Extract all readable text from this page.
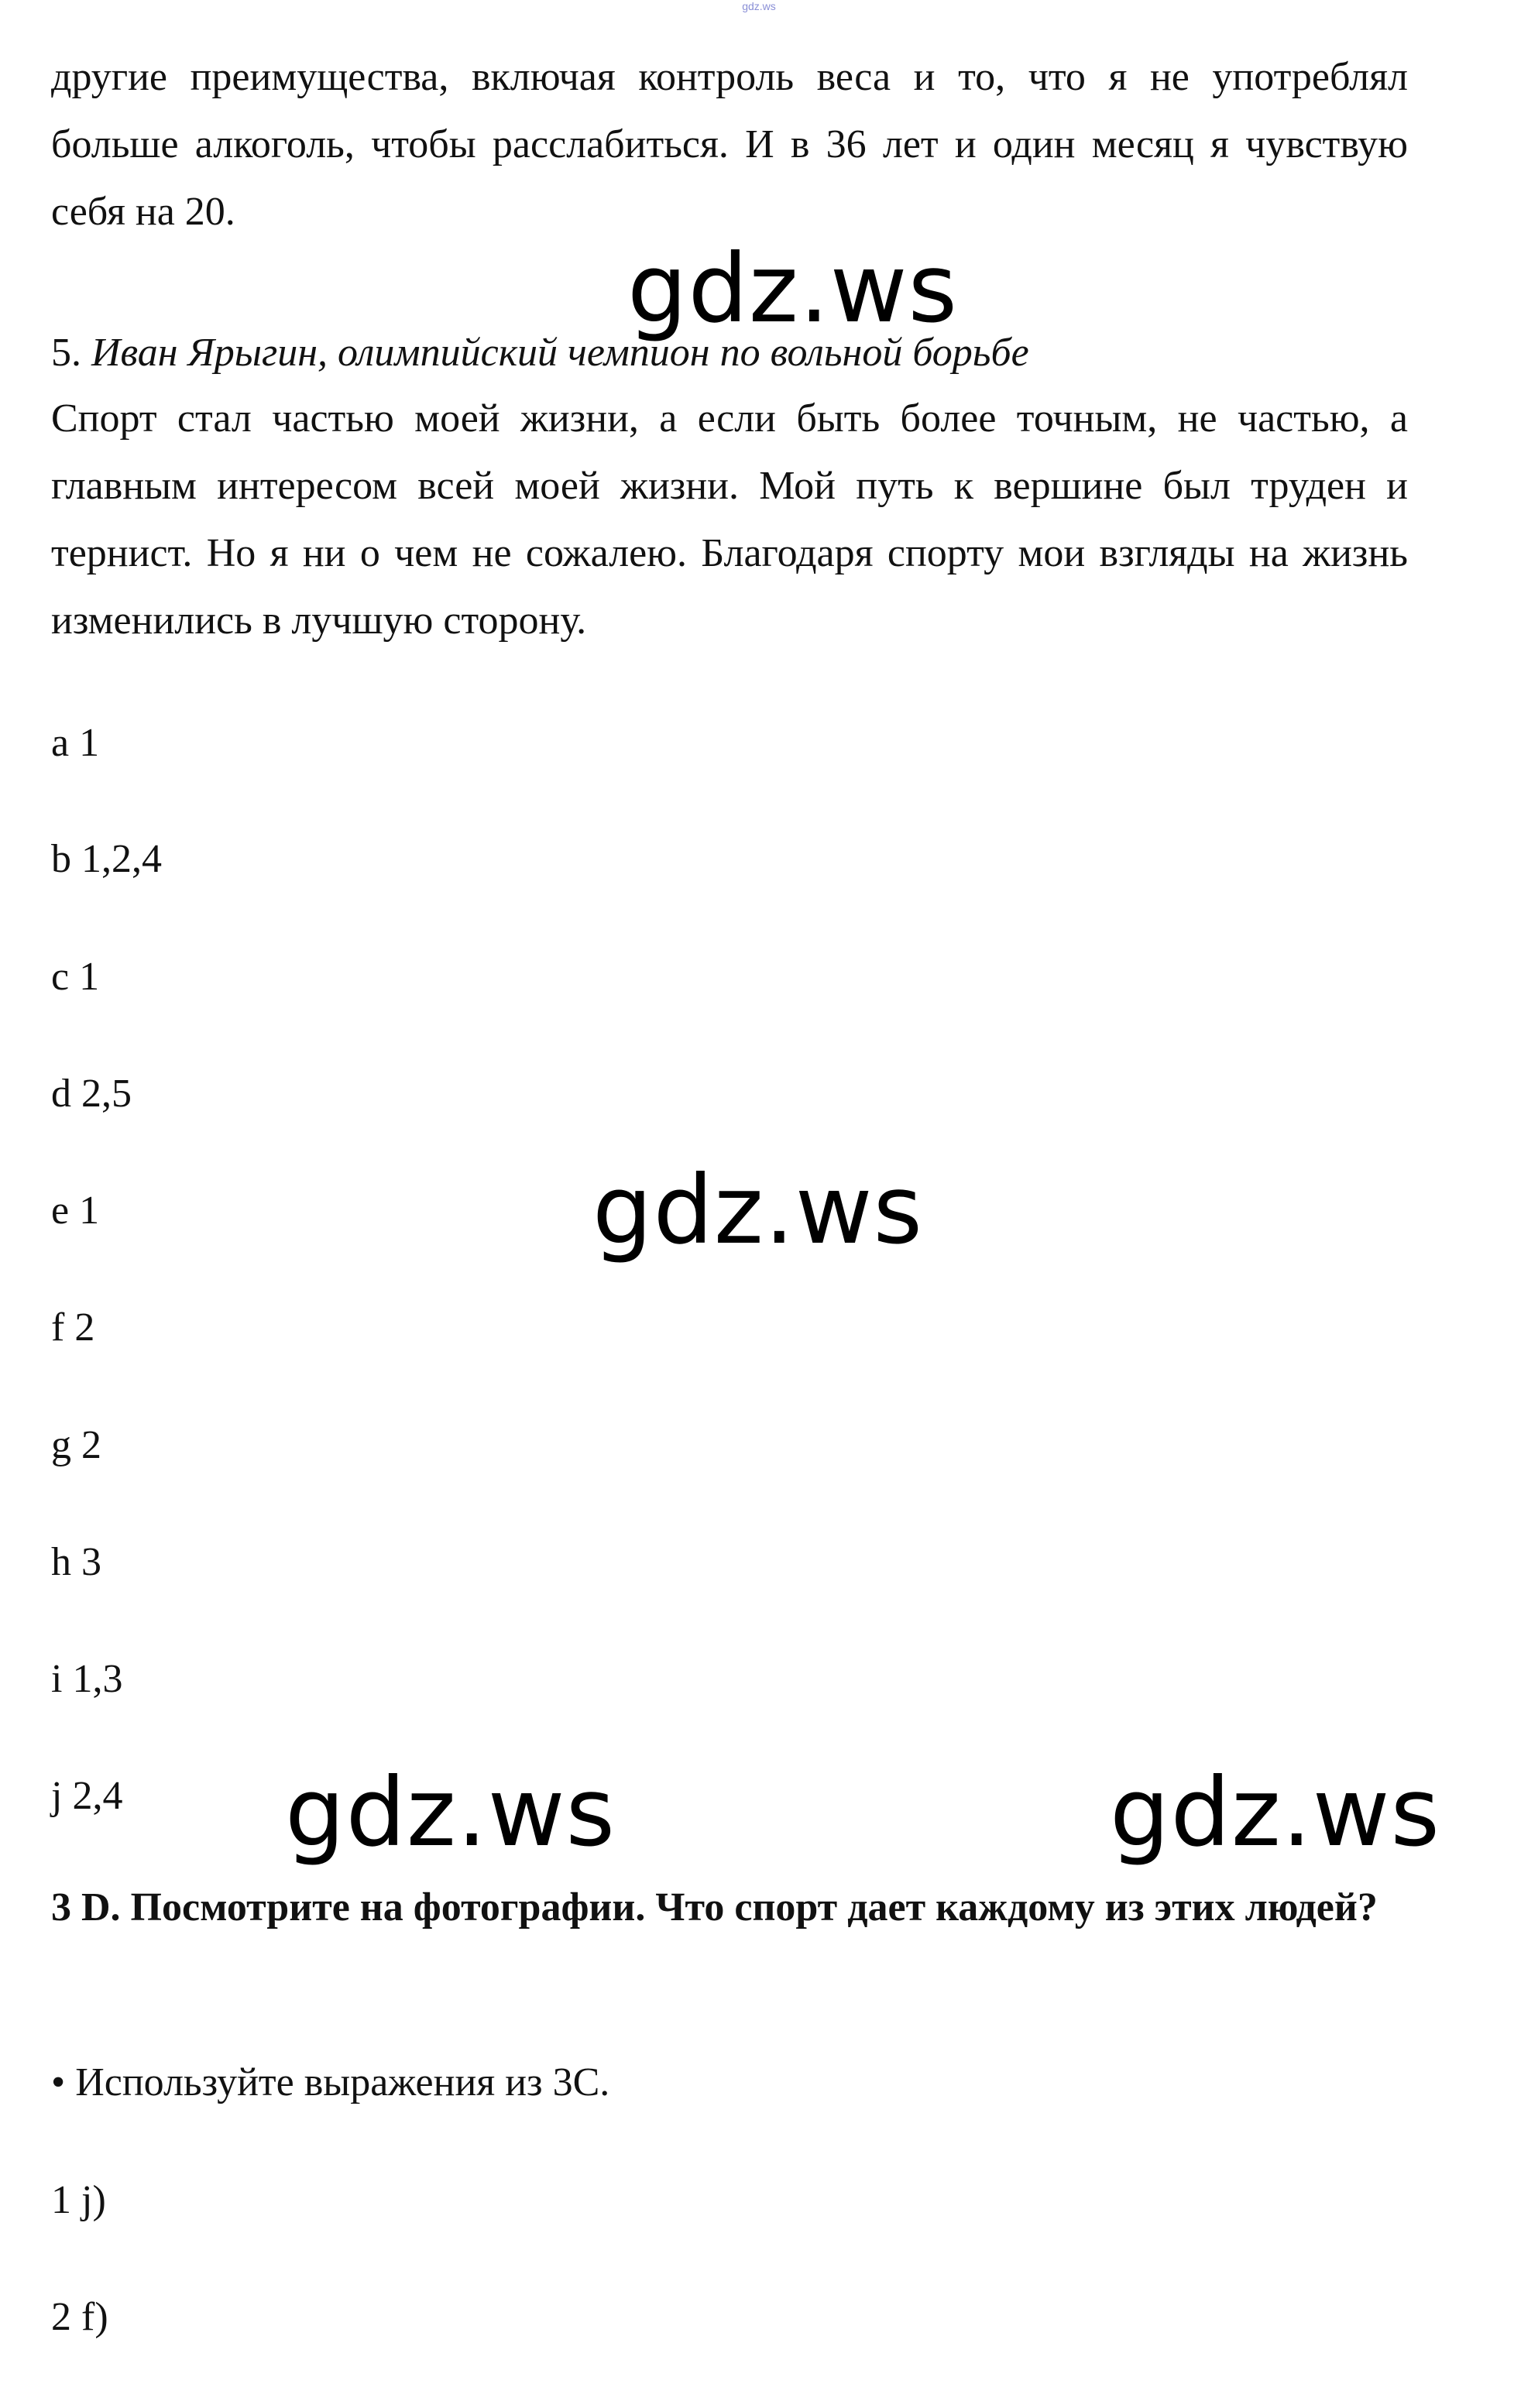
gdz.ws

другие преимущества, включая контроль веса и то, что я не употреблял больше алкоголь, чтобы расслабиться. И в 36 лет и один месяц я чувствую себя на 20.

gdz.ws

5. Иван Ярыгин, олимпийский чемпион по вольной борьбе

Спорт стал частью моей жизни, а если быть более точным, не частью, а главным интересом всей моей жизни. Мой путь к вершине был труден и тернист. Но я ни о чем не сожалею. Благодаря спорту мои взгляды на жизнь изменились в лучшую сторону.

a 1
b 1,2,4
c 1
d 2,5
e 1
f 2
g 2
h 3
i 1,3
j 2,4
gdz.ws
gdz.ws	gdz.ws

3 D. Посмотрите на фотографии. Что спорт дает каждому из этих людей?

• Используйте выражения из 3С.
1 j)
2 f)
